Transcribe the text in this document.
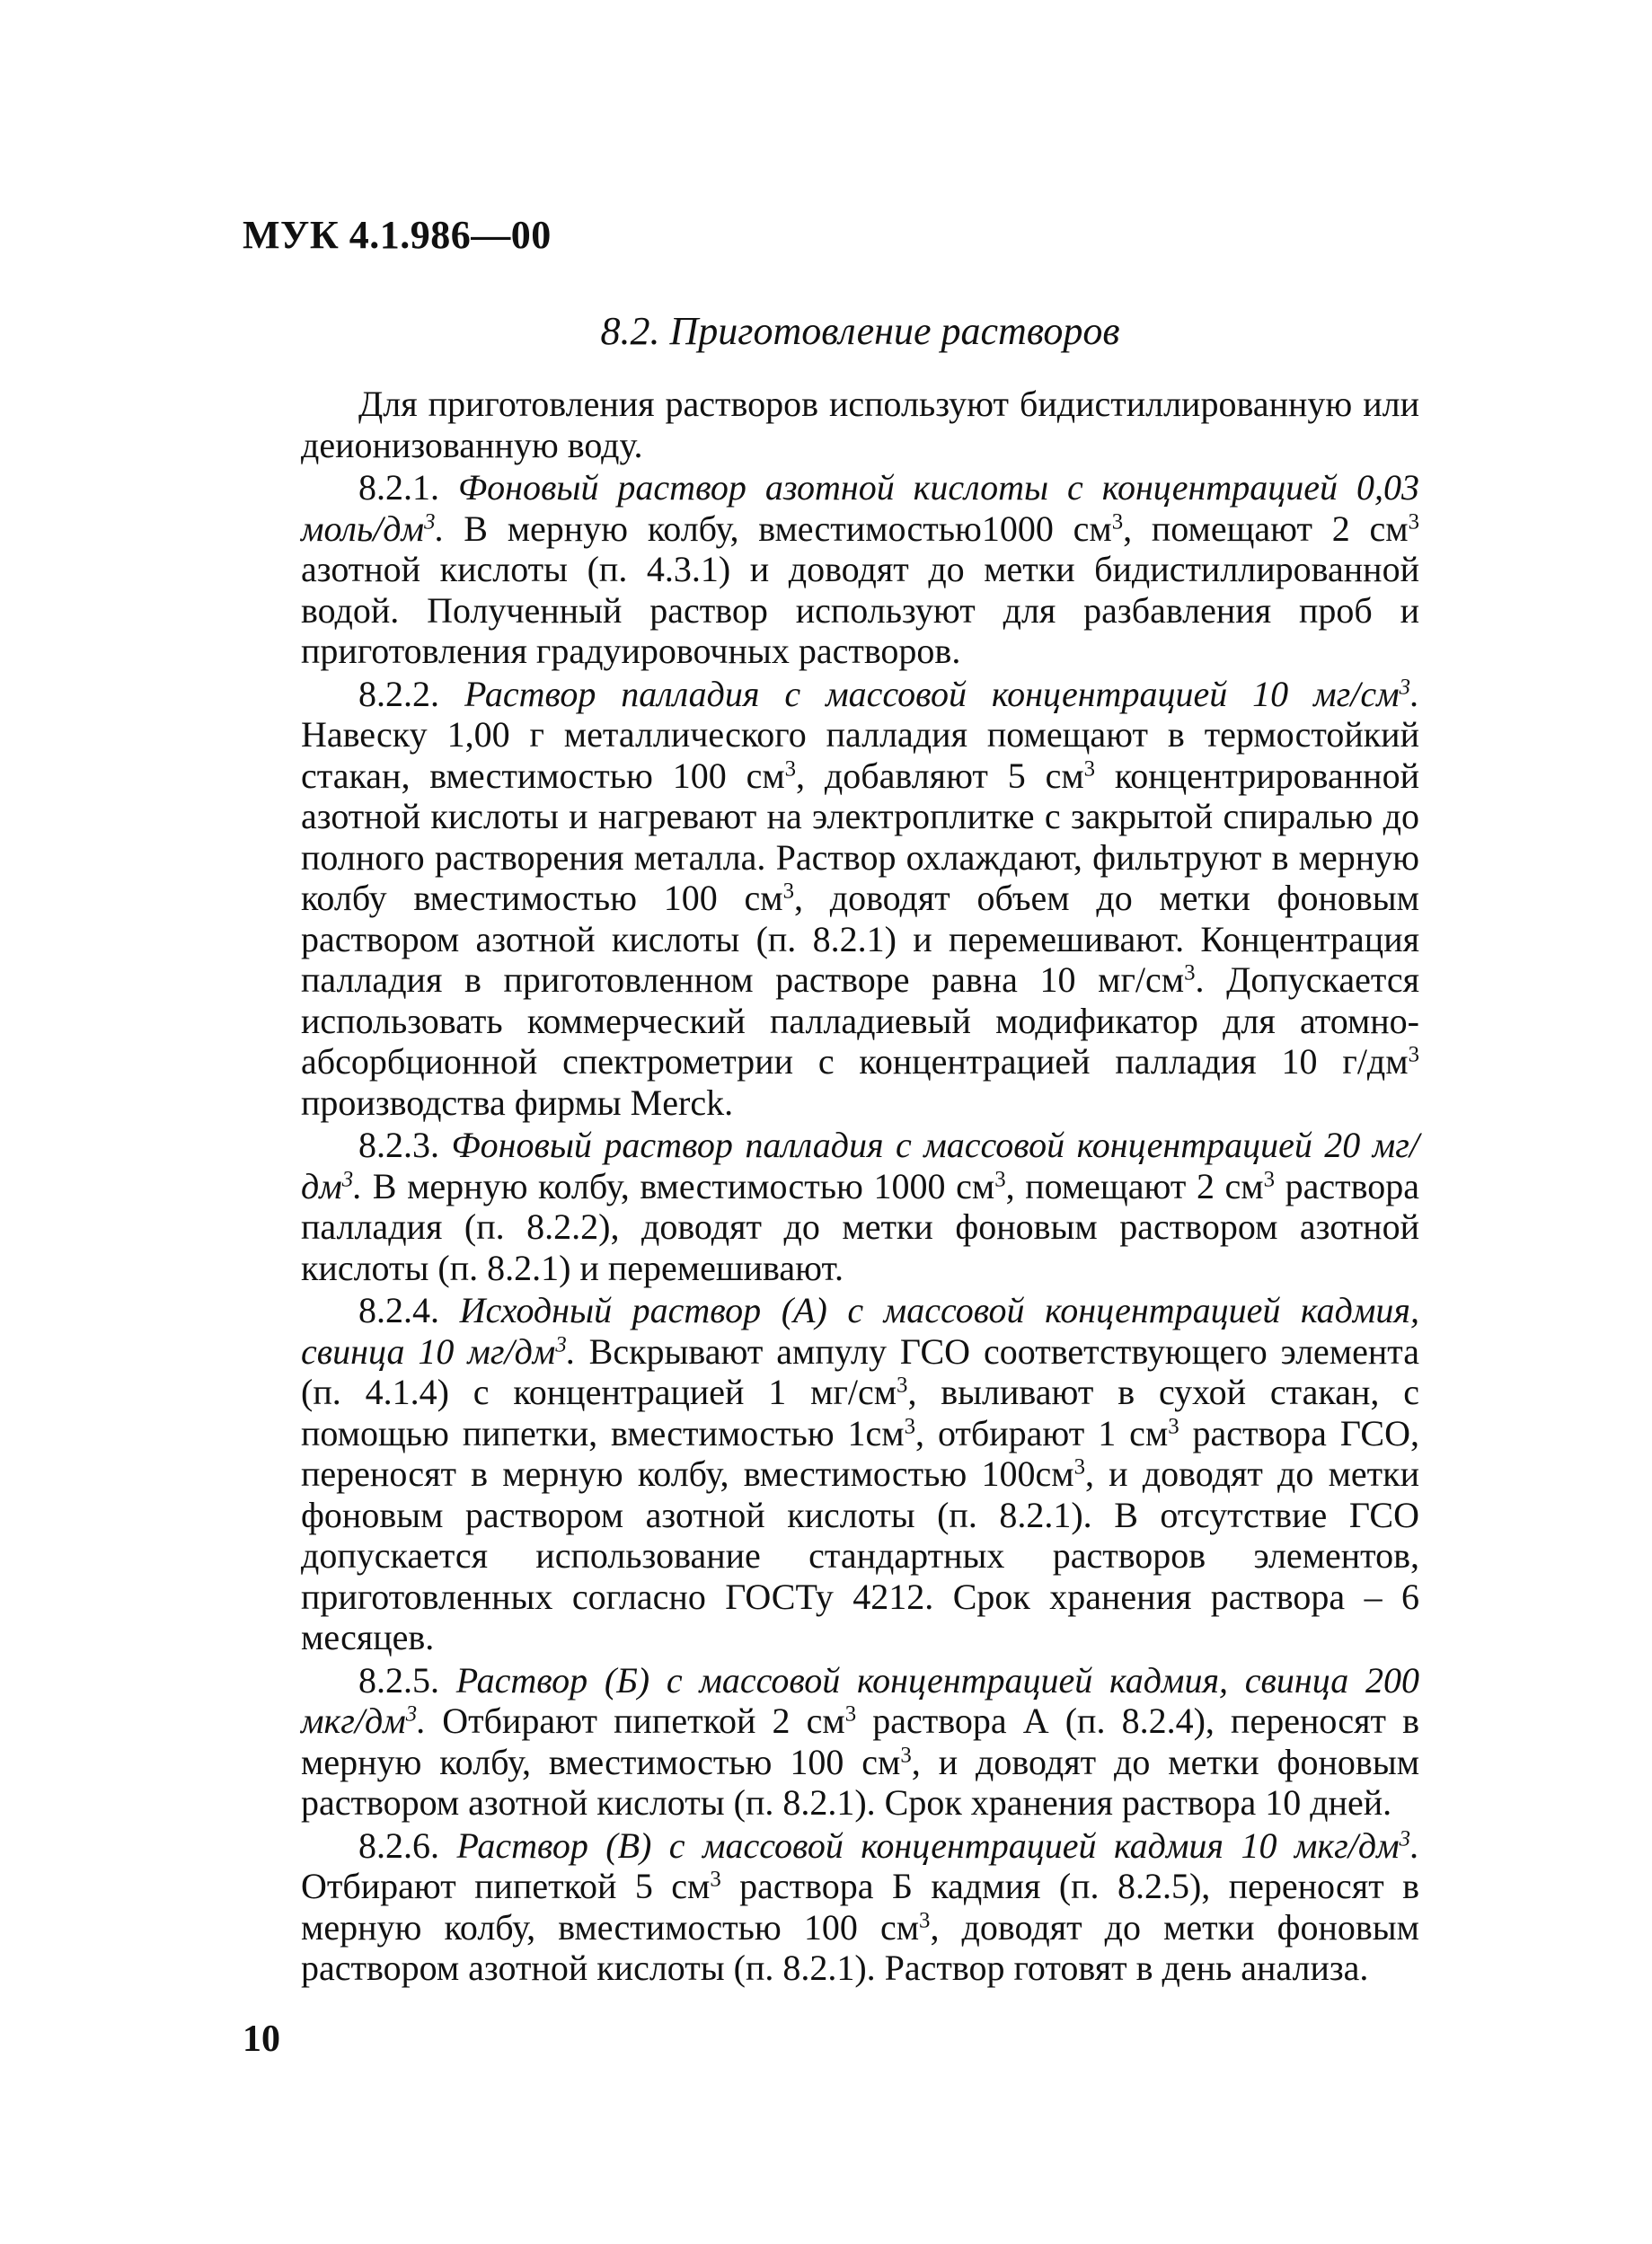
МУК 4.1.986—00
8.2. Приготовление растворов

Для приготовления растворов используют бидистиллированную или деионизованную воду.

8.2.1. Фоновый раствор азотной кислоты с концентрацией 0,03 моль/$дм^3$. В мерную колбу, вместимостью1000 $см^3$, помещают 2 $см^3$ азотной кислоты (п. 4.3.1) и доводят до метки бидистиллированной водой. Полученный раствор используют для разбавления проб и приготовления градуировочных растворов.

8.2.2. Раствор палладия с массовой концентрацией 10 $мг/см^3$. Навеску 1,00 г металлического палладия помещают в термостойкий стакан, вместимостью 100 $см^3$, добавляют 5 $см^3$ концентрированной азотной кислоты и нагревают на электроплитке с закрытой спиралью до полного растворения металла. Раствор охлаждают, фильтруют в мерную колбу вместимостью 100 $см^3$, доводят объем до метки фоновым раствором азотной кислоты (п. 8.2.1) и перемешивают. Концентрация палладия в приготовленном растворе равна 10 $мг/см^3$. Допускается использовать коммерческий палладиевый модификатор для атомно-абсорбционной спектрометрии с концентрацией палладия 10 $г/дм^3$ производства фирмы Merck.

8.2.3. Фоновый раствор палладия с массовой концентрацией 20 $мг/дм^3$. В мерную колбу, вместимостью 1000 $см^3$, помещают 2 $см^3$ раствора палладия (п. 8.2.2), доводят до метки фоновым раствором азотной кислоты (п. 8.2.1) и перемешивают.

8.2.4. Исходный раствор (А) с массовой концентрацией кадмия, свинца 10 $мг/дм^3$. Вскрывают ампулу ГСО соответствующего элемента (п. 4.1.4) с концентрацией 1 $мг/см^3$, выливают в сухой стакан, с помощью пипетки, вместимостью $1см^3$, отбирают 1 $см^3$ раствора ГСО, переносят в мерную колбу, вместимостью $100см^3$, и доводят до метки фоновым раствором азотной кислоты (п. 8.2.1). В отсутствие ГСО допускается использование стандартных растворов элементов, приготовленных согласно ГОСТу 4212. Срок хранения раствора – 6 месяцев.

8.2.5. Раствор (Б) с массовой концентрацией кадмия, свинца 200 мкг/$дм^3$. Отбирают пипеткой 2 $см^3$ раствора А (п. 8.2.4), переносят в мерную колбу, вместимостью 100 $см^3$, и доводят до метки фоновым раствором азотной кислоты (п. 8.2.1). Срок хранения раствора 10 дней.

8.2.6. Раствор (В) с массовой концентрацией кадмия 10 мкг/$дм^3$. Отбирают пипеткой 5 $см^3$ раствора Б кадмия (п. 8.2.5), переносят в мерную колбу, вместимостью 100 $см^3$, доводят до метки фоновым раствором азотной кислоты (п. 8.2.1). Раствор готовят в день анализа.

10
